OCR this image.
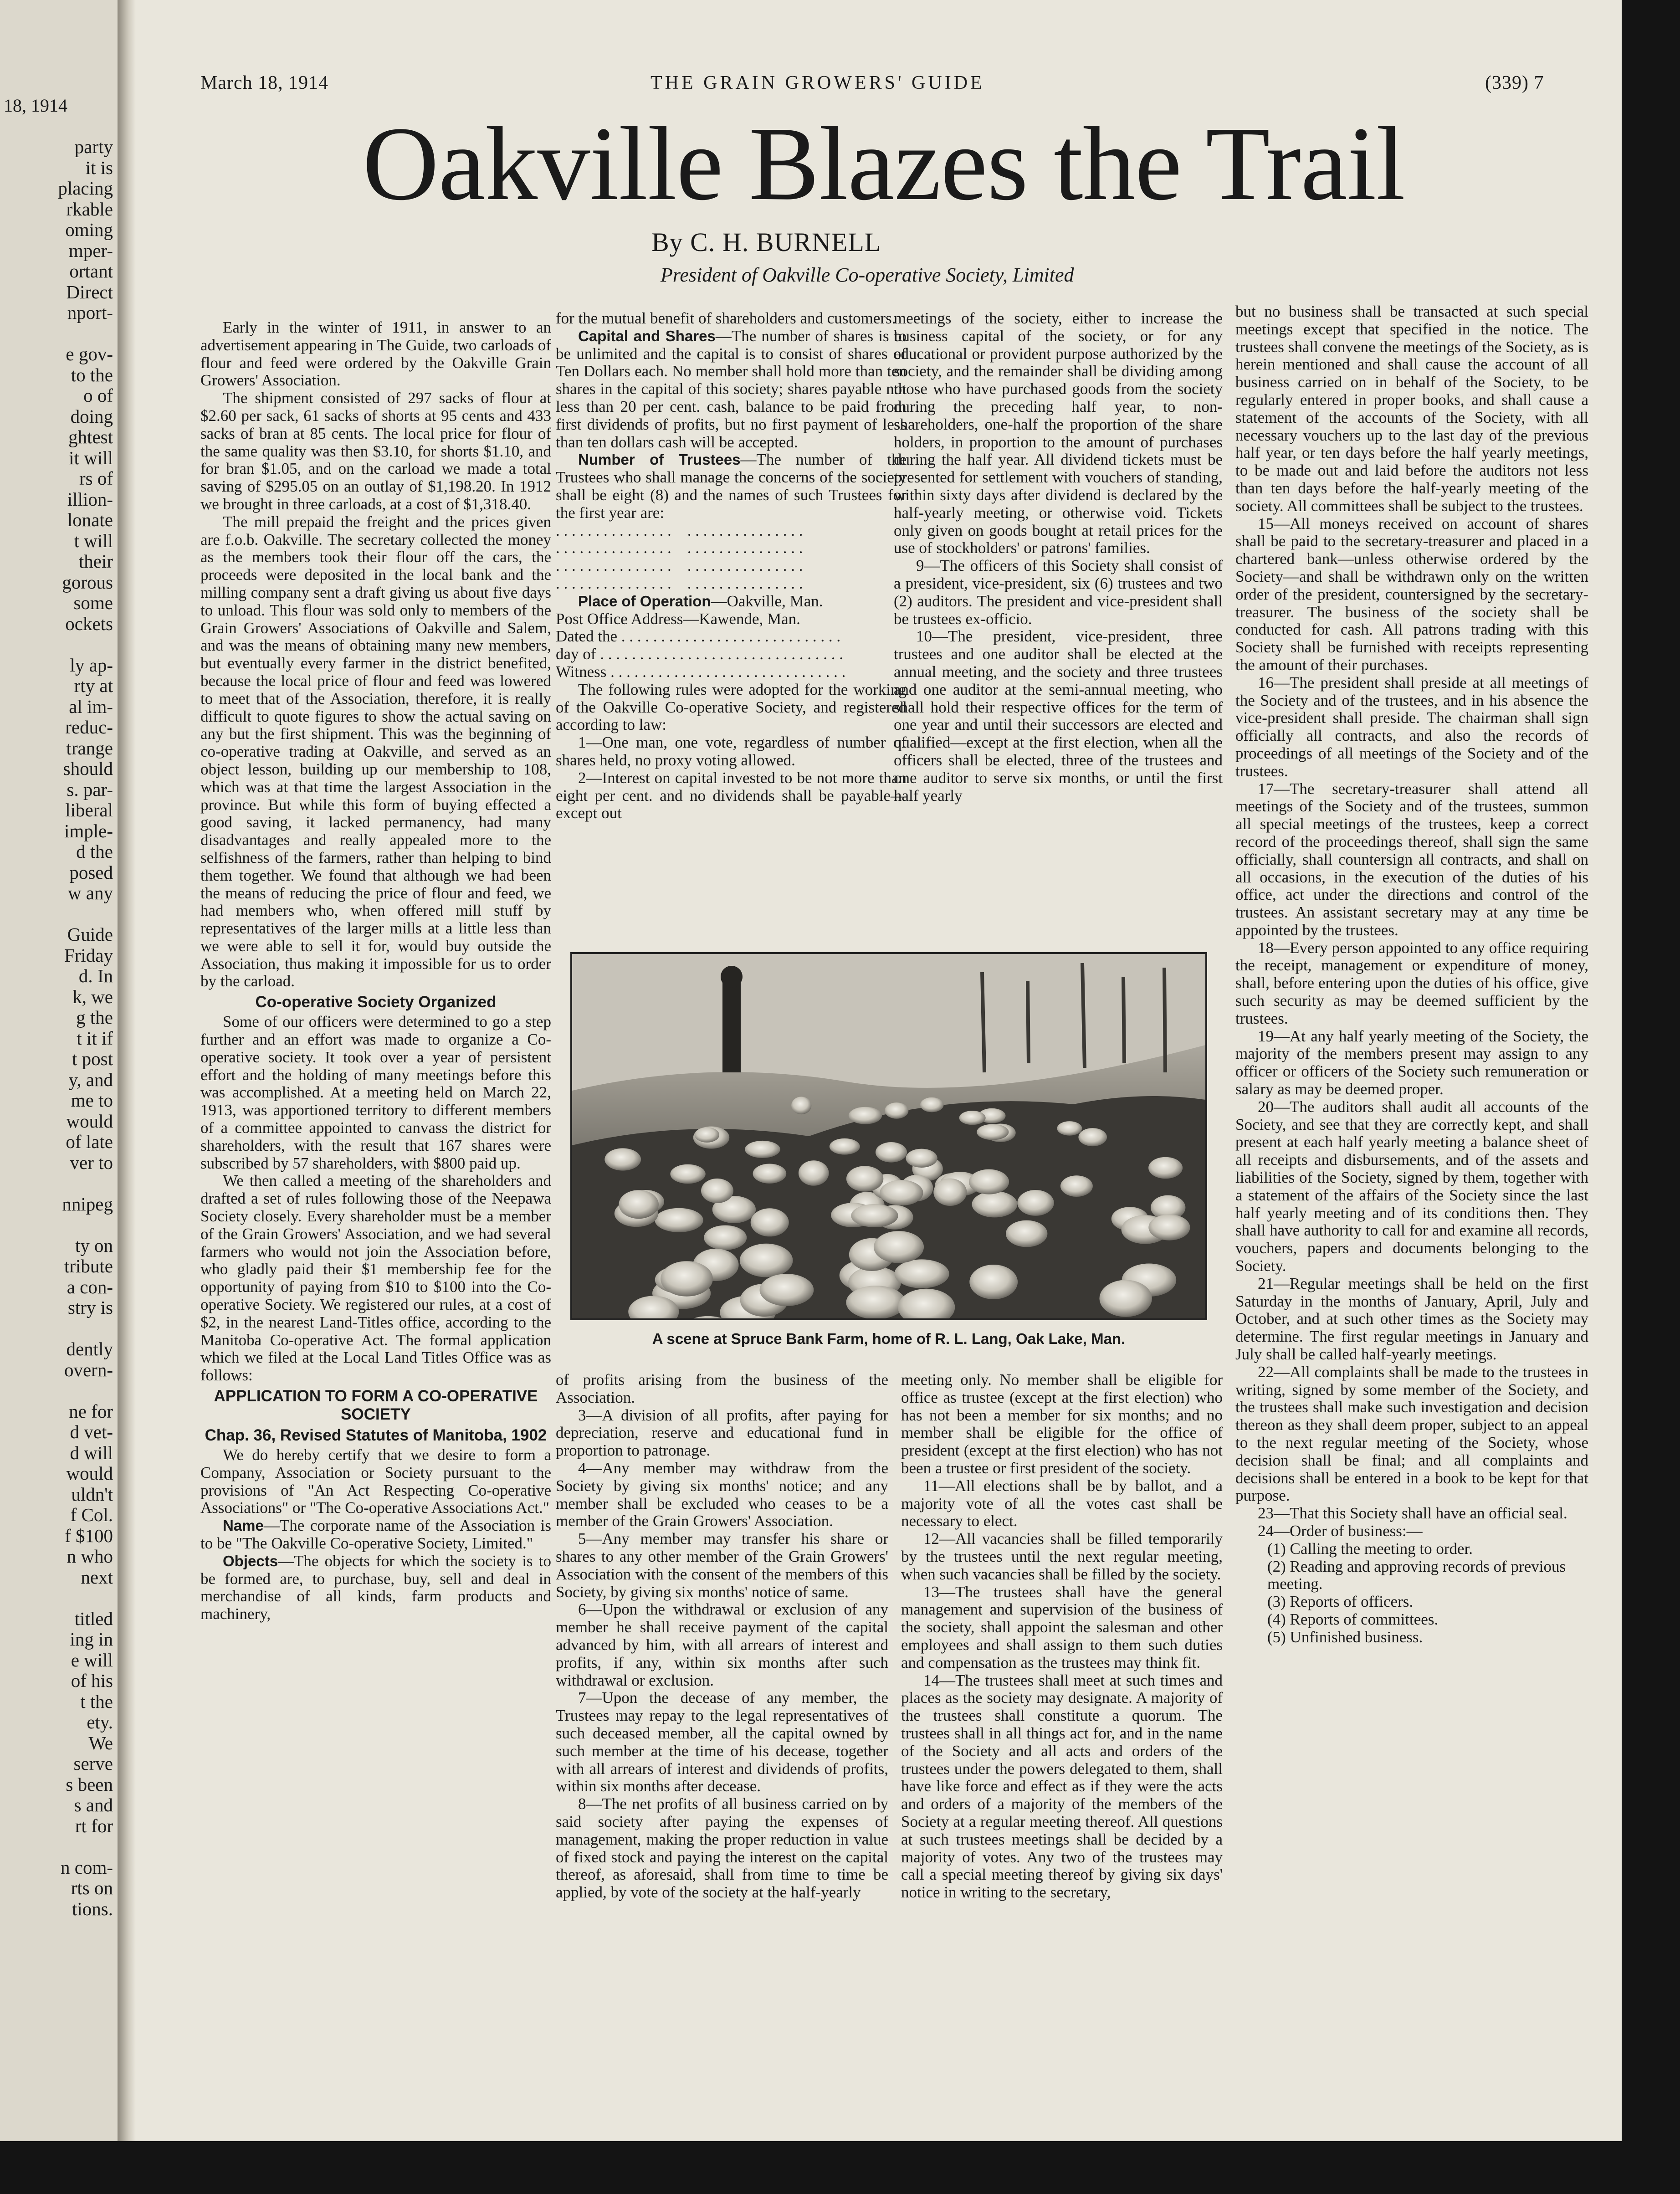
18, 1914
party
it is
placing
rkable
oming
mper-
ortant
Direct
nport-
e gov-
to the
o of
doing
ghtest
it will
rs of
illion-
lonate
t will
their
gorous
some
ockets
ly ap-
rty at
al im-
reduc-
trange
should
s. par-
liberal
imple-
d the
posed
w any
Guide
Friday
d. In
k, we
g the
t it if
t post
y, and
me to
would
of late
ver to
nnipeg
ty on
tribute
a con-
stry is
dently
overn-
ne for
d vet-
d will
would
uldn't
f Col.
f $100
n who
next
titled
ing in
e will
of his
t the
ety.
We
serve
s been
s and
rt for
n com-
rts on
tions.
March 18, 1914	THE GRAIN GROWERS' GUIDE	(339) 7
Oakville Blazes the Trail
By C. H. BURNELL
President of Oakville Co-operative Society, Limited

Early in the winter of 1911, in answer to an advertisement appearing in The Guide, two carloads of flour and feed were ordered by the Oakville Grain Growers' Association.

The shipment consisted of 297 sacks of flour at $2.60 per sack, 61 sacks of shorts at 95 cents and 433 sacks of bran at 85 cents. The local price for flour of the same quality was then $3.10, for shorts $1.10, and for bran $1.05, and on the carload we made a total saving of $295.05 on an outlay of $1,198.20. In 1912 we brought in three carloads, at a cost of $1,318.40.

The mill prepaid the freight and the prices given are f.o.b. Oakville. The secretary collected the money as the members took their flour off the cars, the proceeds were deposited in the local bank and the milling company sent a draft giving us about five days to unload. This flour was sold only to members of the Grain Growers' Associations of Oakville and Salem, and was the means of obtaining many new members, but eventually every farmer in the district benefited, because the local price of flour and feed was lowered to meet that of the Association, therefore, it is really difficult to quote figures to show the actual saving on any but the first shipment. This was the beginning of co-operative trading at Oakville, and served as an object lesson, building up our membership to 108, which was at that time the largest Association in the province. But while this form of buying effected a good saving, it lacked permanency, had many disadvantages and really appealed more to the selfishness of the farmers, rather than helping to bind them together. We found that although we had been the means of reducing the price of flour and feed, we had members who, when offered mill stuff by representatives of the larger mills at a little less than we were able to sell it for, would buy outside the Association, thus making it impossible for us to order by the carload.

Co-operative Society Organized

Some of our officers were determined to go a step further and an effort was made to organize a Co-operative society. It took over a year of persistent effort and the holding of many meetings before this was accomplished. At a meeting held on March 22, 1913, was apportioned territory to different members of a committee appointed to canvass the district for shareholders, with the result that 167 shares were subscribed by 57 shareholders, with $800 paid up.

We then called a meeting of the shareholders and drafted a set of rules following those of the Neepawa Society closely. Every shareholder must be a member of the Grain Growers' Association, and we had several farmers who would not join the Association before, who gladly paid their $1 membership fee for the opportunity of paying from $10 to $100 into the Co-operative Society. We registered our rules, at a cost of $2, in the nearest Land-Titles office, according to the Manitoba Co-operative Act. The formal application which we filed at the Local Land Titles Office was as follows:

APPLICATION TO FORM A CO-OPERATIVE SOCIETY
Chap. 36, Revised Statutes of Manitoba, 1902

We do hereby certify that we desire to form a Company, Association or Society pursuant to the provisions of "An Act Respecting Co-operative Associations" or "The Co-operative Associations Act."

Name—The corporate name of the Association is to be "The Oakville Co-operative Society, Limited."

Objects—The objects for which the society is to be formed are, to purchase, buy, sell and deal in merchandise of all kinds, farm products and machinery,

for the mutual benefit of shareholders and customers.

Capital and Shares—The number of shares is to be unlimited and the capital is to consist of shares of Ten Dollars each. No member shall hold more than ten shares in the capital of this society; shares payable not less than 20 per cent. cash, balance to be paid from first dividends of profits, but no first payment of less than ten dollars cash will be accepted.

Number of Trustees—The number of the Trustees who shall manage the concerns of the society shall be eight (8) and the names of such Trustees for the first year are:

. . . . . . . . . . . . . . .    . . . . . . . . . . . . . . .
. . . . . . . . . . . . . . .    . . . . . . . . . . . . . . .
. . . . . . . . . . . . . . .    . . . . . . . . . . . . . . .
. . . . . . . . . . . . . . .    . . . . . . . . . . . . . . .

Place of Operation—Oakville, Man.

Post Office Address—Kawende, Man.
Dated the . . . . . . . . . . . . . . . . . . . . . . . . . . . .
day of . . . . . . . . . . . . . . . . . . . . . . . . . . . . . . .
Witness . . . . . . . . . . . . . . . . . . . . . . . . . . . . . .

The following rules were adopted for the working of the Oakville Co-operative Society, and registered according to law:

1—One man, one vote, regardless of number of shares held, no proxy voting allowed.

2—Interest on capital invested to be not more than eight per cent. and no dividends shall be payable—except out

meetings of the society, either to increase the business capital of the society, or for any educational or provident purpose authorized by the society, and the remainder shall be dividing among those who have purchased goods from the society during the preceding half year, to non-shareholders, one-half the proportion of the share holders, in proportion to the amount of purchases during the half year. All dividend tickets must be presented for settlement with vouchers of standing, within sixty days after dividend is declared by the half-yearly meeting, or otherwise void. Tickets only given on goods bought at retail prices for the use of stockholders' or patrons' families.

9—The officers of this Society shall consist of a president, vice-president, six (6) trustees and two (2) auditors. The president and vice-president shall be trustees ex-officio.

10—The president, vice-president, three trustees and one auditor shall be elected at the annual meeting, and the society and three trustees and one auditor at the semi-annual meeting, who shall hold their respective offices for the term of one year and until their successors are elected and qualified—except at the first election, when all the officers shall be elected, three of the trustees and one auditor to serve six months, or until the first half yearly

A scene at Spruce Bank Farm, home of R. L. Lang, Oak Lake, Man.

but no business shall be transacted at such special meetings except that specified in the notice. The trustees shall convene the meetings of the Society, as is herein mentioned and shall cause the account of all business carried on in behalf of the Society, to be regularly entered in proper books, and shall cause a statement of the accounts of the Society, with all necessary vouchers up to the last day of the previous half year, or ten days before the half yearly meetings, to be made out and laid before the auditors not less than ten days before the half-yearly meeting of the society. All committees shall be subject to the trustees.

15—All moneys received on account of shares shall be paid to the secretary-treasurer and placed in a chartered bank—unless otherwise ordered by the Society—and shall be withdrawn only on the written order of the president, countersigned by the secretary-treasurer. The business of the society shall be conducted for cash. All patrons trading with this Society shall be furnished with receipts representing the amount of their purchases.

16—The president shall preside at all meetings of the Society and of the trustees, and in his absence the vice-president shall preside. The chairman shall sign officially all contracts, and also the records of proceedings of all meetings of the Society and of the trustees.

17—The secretary-treasurer shall attend all meetings of the Society and of the trustees, summon all special meetings of the trustees, keep a correct record of the proceedings thereof, shall sign the same officially, shall countersign all contracts, and shall on all occasions, in the execution of the duties of his office, act under the directions and control of the trustees. An assistant secretary may at any time be appointed by the trustees.

18—Every person appointed to any office requiring the receipt, management or expenditure of money, shall, before entering upon the duties of his office, give such security as may be deemed sufficient by the trustees.

19—At any half yearly meeting of the Society, the majority of the members present may assign to any officer or officers of the Society such remuneration or salary as may be deemed proper.

20—The auditors shall audit all accounts of the Society, and see that they are correctly kept, and shall present at each half yearly meeting a balance sheet of all receipts and disbursements, and of the assets and liabilities of the Society, signed by them, together with a statement of the affairs of the Society since the last half yearly meeting and of its conditions then. They shall have authority to call for and examine all records, vouchers, papers and documents belonging to the Society.

21—Regular meetings shall be held on the first Saturday in the months of January, April, July and October, and at such other times as the Society may determine. The first regular meetings in January and July shall be called half-yearly meetings.

22—All complaints shall be made to the trustees in writing, signed by some member of the Society, and the trustees shall make such investigation and decision thereon as they shall deem proper, subject to an appeal to the next regular meeting of the Society, whose decision shall be final; and all complaints and decisions shall be entered in a book to be kept for that purpose.

23—That this Society shall have an official seal.

24—Order of business:—

(1) Calling the meeting to order.
(2) Reading and approving records of previous meeting.
(3) Reports of officers.
(4) Reports of committees.
(5) Unfinished business.

of profits arising from the business of the Association.

3—A division of all profits, after paying for depreciation, reserve and educational fund in proportion to patronage.

4—Any member may withdraw from the Society by giving six months' notice; and any member shall be excluded who ceases to be a member of the Grain Growers' Association.

5—Any member may transfer his share or shares to any other member of the Grain Growers' Association with the consent of the members of this Society, by giving six months' notice of same.

6—Upon the withdrawal or exclusion of any member he shall receive payment of the capital advanced by him, with all arrears of interest and profits, if any, within six months after such withdrawal or exclusion.

7—Upon the decease of any member, the Trustees may repay to the legal representatives of such deceased member, all the capital owned by such member at the time of his decease, together with all arrears of interest and dividends of profits, within six months after decease.

8—The net profits of all business carried on by said society after paying the expenses of management, making the proper reduction in value of fixed stock and paying the interest on the capital thereof, as aforesaid, shall from time to time be applied, by vote of the society at the half-yearly

meeting only. No member shall be eligible for office as trustee (except at the first election) who has not been a member for six months; and no member shall be eligible for the office of president (except at the first election) who has not been a trustee or first president of the society.

11—All elections shall be by ballot, and a majority vote of all the votes cast shall be necessary to elect.

12—All vacancies shall be filled temporarily by the trustees until the next regular meeting, when such vacancies shall be filled by the society.

13—The trustees shall have the general management and supervision of the business of the society, shall appoint the salesman and other employees and shall assign to them such duties and compensation as the trustees may think fit.

14—The trustees shall meet at such times and places as the society may designate. A majority of the trustees shall constitute a quorum. The trustees shall in all things act for, and in the name of the Society and all acts and orders of the trustees under the powers delegated to them, shall have like force and effect as if they were the acts and orders of a majority of the members of the Society at a regular meeting thereof. All questions at such trustees meetings shall be decided by a majority of votes. Any two of the trustees may call a special meeting thereof by giving six days' notice in writing to the secretary,
